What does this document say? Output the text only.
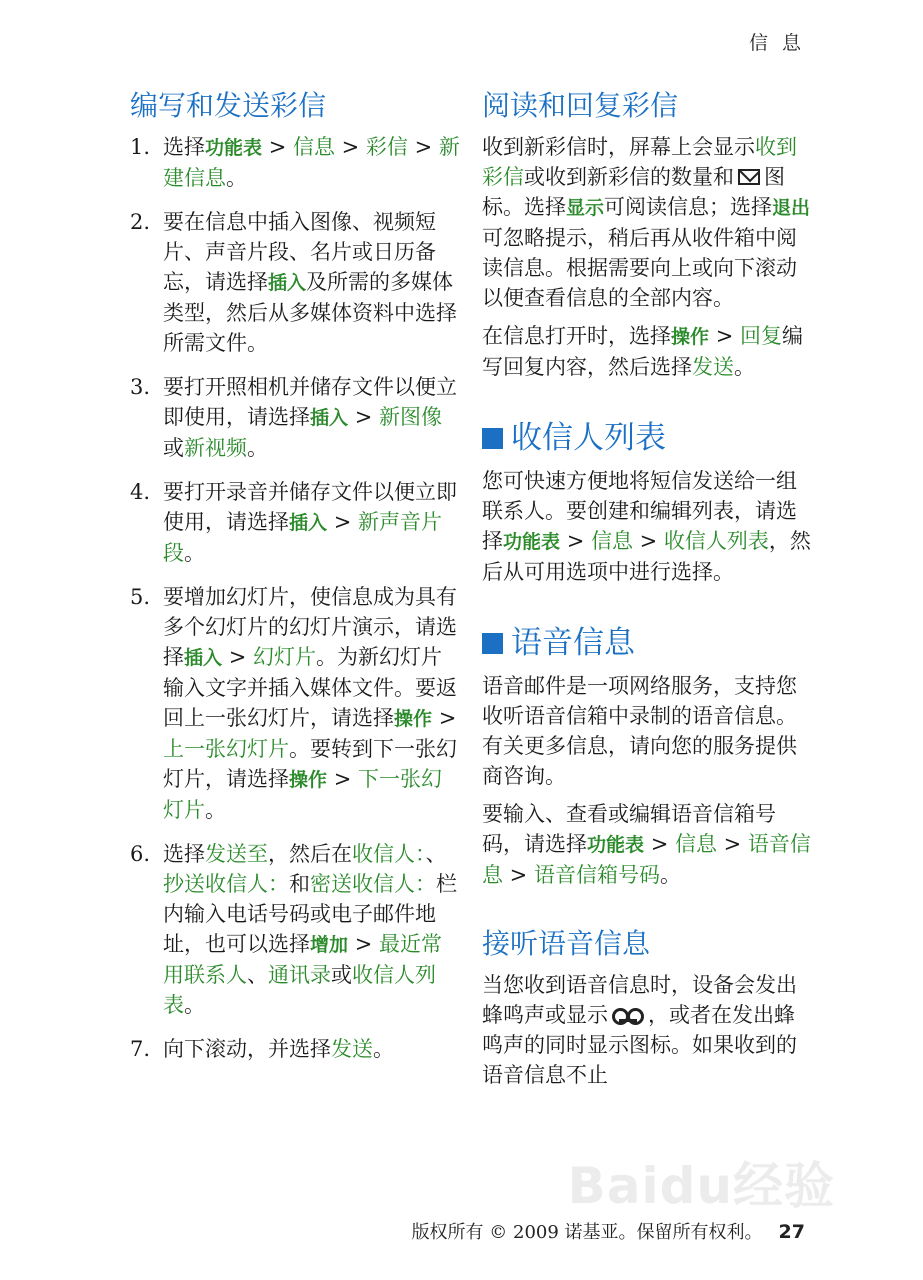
信 息
编写和发送彩信
1. 选择功能表 > 信息 > 彩信 > 新建信息。
2. 要在信息中插入图像、视频短片、声音片段、名片或日历备忘，请选择插入及所需的多媒体类型，然后从多媒体资料中选择所需文件。
3. 要打开照相机并储存文件以便立即使用，请选择插入 > 新图像或新视频。
4. 要打开录音并储存文件以便立即使用，请选择插入 > 新声音片段。
5. 要增加幻灯片，使信息成为具有多个幻灯片的幻灯片演示，请选择插入 > 幻灯片。为新幻灯片输入文字并插入媒体文件。要返回上一张幻灯片，请选择操作 > 上一张幻灯片。要转到下一张幻灯片，请选择操作 > 下一张幻灯片。
6. 选择发送至，然后在收信人：、抄送收信人：和密送收信人：栏内输入电话号码或电子邮件地址，也可以选择增加 > 最近常用联系人、通讯录或收信人列表。
7. 向下滚动，并选择发送。
阅读和回复彩信

收到新彩信时，屏幕上会显示收到彩信或收到新彩信的数量和 图标。选择显示可阅读信息；选择退出可忽略提示，稍后再从收件箱中阅读信息。根据需要向上或向下滚动以便查看信息的全部内容。

在信息打开时，选择操作 > 回复编写回复内容，然后选择发送。

收信人列表

您可快速方便地将短信发送给一组联系人。要创建和编辑列表，请选择功能表 > 信息 > 收信人列表，然后从可用选项中进行选择。

语音信息

语音邮件是一项网络服务，支持您收听语音信箱中录制的语音信息。有关更多信息，请向您的服务提供商咨询。

要输入、查看或编辑语音信箱号码，请选择功能表 > 信息 > 语音信息 > 语音信箱号码。

接听语音信息

当您收到语音信息时，设备会发出蜂鸣声或显示 ，或者在发出蜂鸣声的同时显示图标。如果收到的语音信息不止

Baidu经验
版权所有 © 2009 诺基亚。保留所有权利。 27
